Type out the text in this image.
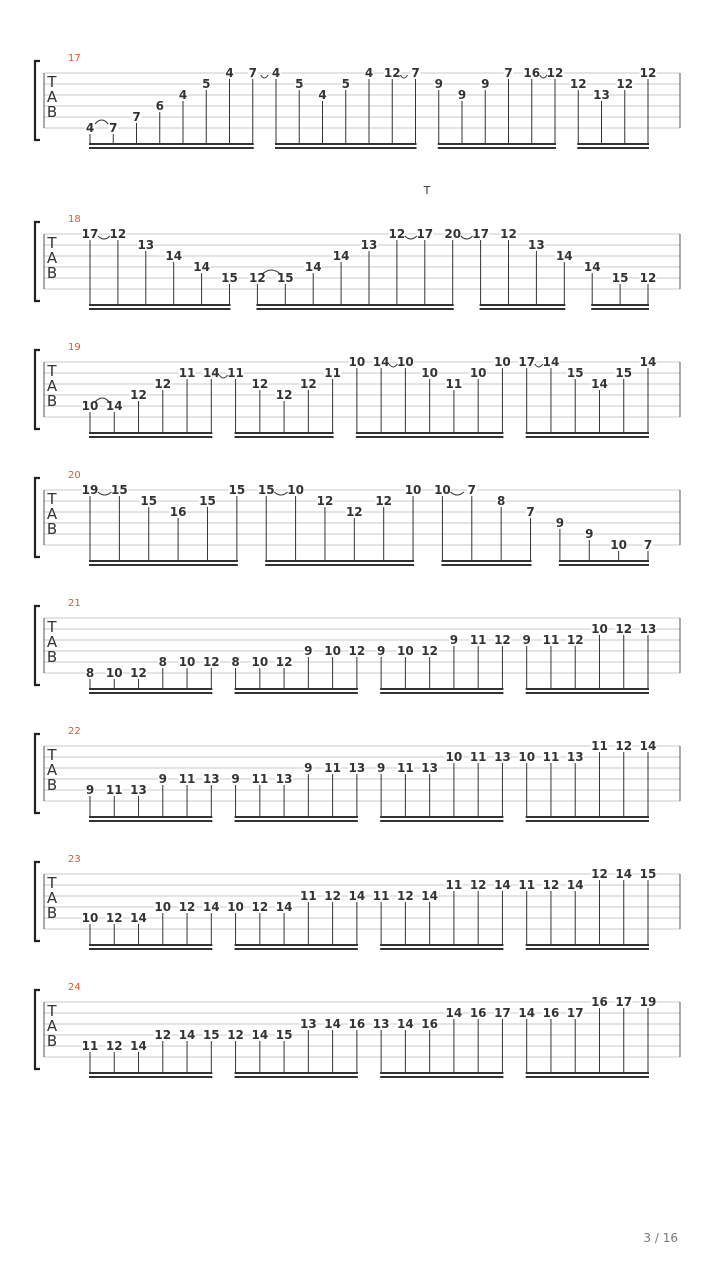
T
A
B
17
4 7
7
6
4
5
4 7 4
5
4
5
4 12 7
9
9
9
7 16 12
12
13
12
12
T
A
B
18
T
17 12
13
14
14
15 12 15
14
14
13
12 17 20 17 12
13
14
14
15 12
T
A
B
19
10 14
12
12
11 14 11
12
12
12
11
10 14 10
10
11
10
10 17 14
15
14
15
14
T
A
B
20
19 15
15
16
15
15 15 10
12
12
12
10 10 7
8
7
9
9
10 7
T
A
B
21
8 10 12
8 10 12 8 10 12
9 10 12 9 10 12
9 11 12 9 11 12
10 12 13
T
A
B
22
9 11 13
9 11 13 9 11 13
9 11 13 9 11 13
10 11 13 10 11 13
11 12 14
T
A
B
23
10 12 14
10 12 14 10 12 14
11 12 14 11 12 14
11 12 14 11 12 14
12 14 15
T
A
B
24
11 12 14
12 14 15 12 14 15
13 14 16 13 14 16
14 16 17 14 16 17
16 17 19
3 / 16
